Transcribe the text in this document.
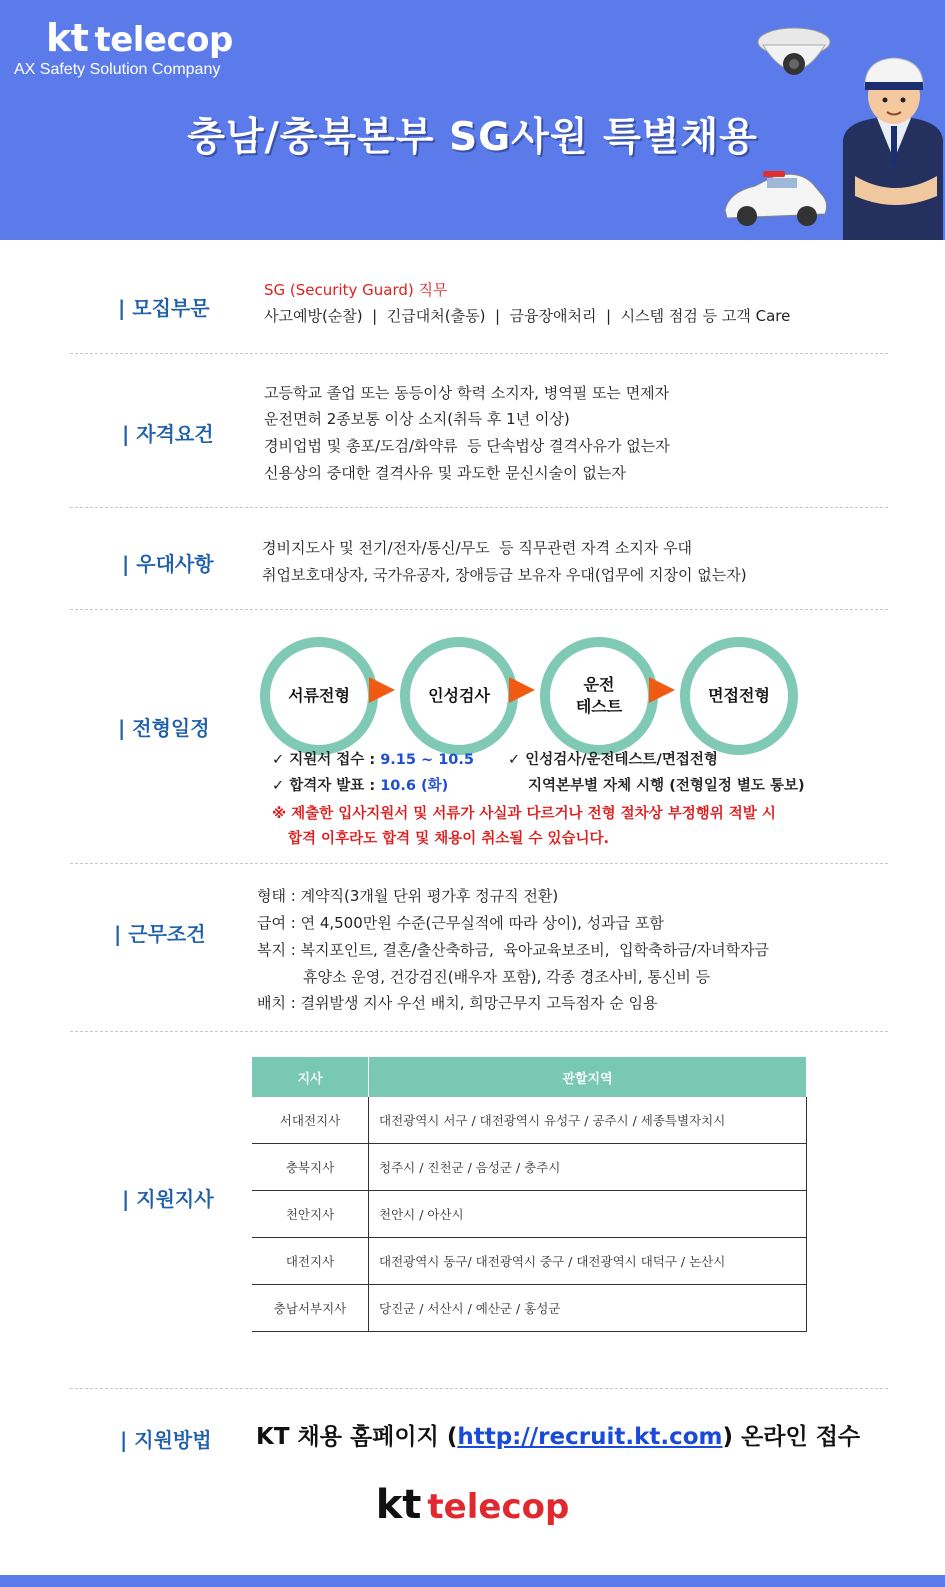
kt telecop
AX Safety Solution Company
충남/충북본부 SG사원 특별채용
| 모집부문
SG (Security Guard) 직무
사고예방(순찰)  |  긴급대처(출동)  |  금융장애처리  |  시스템 점검 등 고객 Care
| 자격요건
고등학교 졸업 또는 동등이상 학력 소지자, 병역필 또는 면제자
운전면허 2종보통 이상 소지(취득 후 1년 이상)
경비업법 및 총포/도검/화약류  등 단속법상 결격사유가 없는자
신용상의 중대한 결격사유 및 과도한 문신시술이 없는자
| 우대사항
경비지도사 및 전기/전자/통신/무도  등 직무관련 자격 소지자 우대
취업보호대상자, 국가유공자, 장애등급 보유자 우대(업무에 지장이 없는자)
| 전형일정
서류전형	인성검사
운전
테스트
면접전형
✓ 지원서 접수 : 9.15 ~ 10.5
✓ 합격자 발표 : 10.6 (화)
✓ 인성검사/운전테스트/면접전형
지역본부별 자체 시행 (전형일정 별도 통보)
※ 제출한 입사지원서 및 서류가 사실과 다르거나 전형 절차상 부정행위 적발 시
합격 이후라도 합격 및 채용이 취소될 수 있습니다.
| 근무조건
형태 : 계약직(3개월 단위 평가후 정규직 전환)
급여 : 연 4,500만원 수준(근무실적에 따라 상이), 성과급 포함
복지 : 복지포인트, 결혼/출산축하금,  육아교육보조비,  입학축하금/자녀학자금
휴양소 운영, 건강검진(배우자 포함), 각종 경조사비, 통신비 등
배치 : 결위발생 지사 우선 배치, 희망근무지 고득점자 순 임용
| 지원지사
지사	관할지역
서대전지사	대전광역시 서구 / 대전광역시 유성구 / 공주시 / 세종특별자치시
충북지사	청주시 / 진천군 / 음성군 / 충주시
천안지사	천안시 / 아산시
대전지사	대전광역시 동구/ 대전광역시 중구 / 대전광역시 대덕구 / 논산시
충남서부지사	당진군 / 서산시 / 예산군 / 홍성군
| 지원방법 KT 채용 홈페이지 (http://recruit.kt.com) 온라인 접수
kt telecop
